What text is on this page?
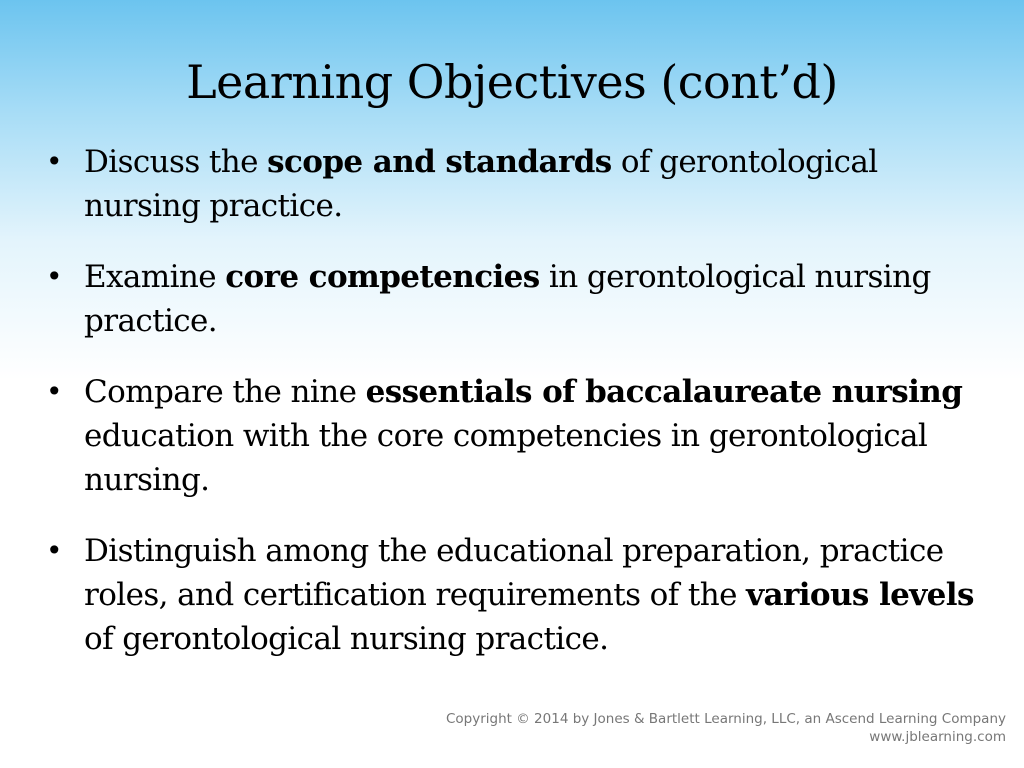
Learning Objectives (cont’d)
• Discuss the scope and standards of gerontological nursing practice.
• Examine core competencies in gerontological nursing practice.
• Compare the nine essentials of baccalaureate nursing education with the core competencies in gerontological nursing.
• Distinguish among the educational preparation, practice roles, and certification requirements of the various levels of gerontological nursing practice.
Copyright © 2014 by Jones & Bartlett Learning, LLC, an Ascend Learning Company
www.jblearning.com
